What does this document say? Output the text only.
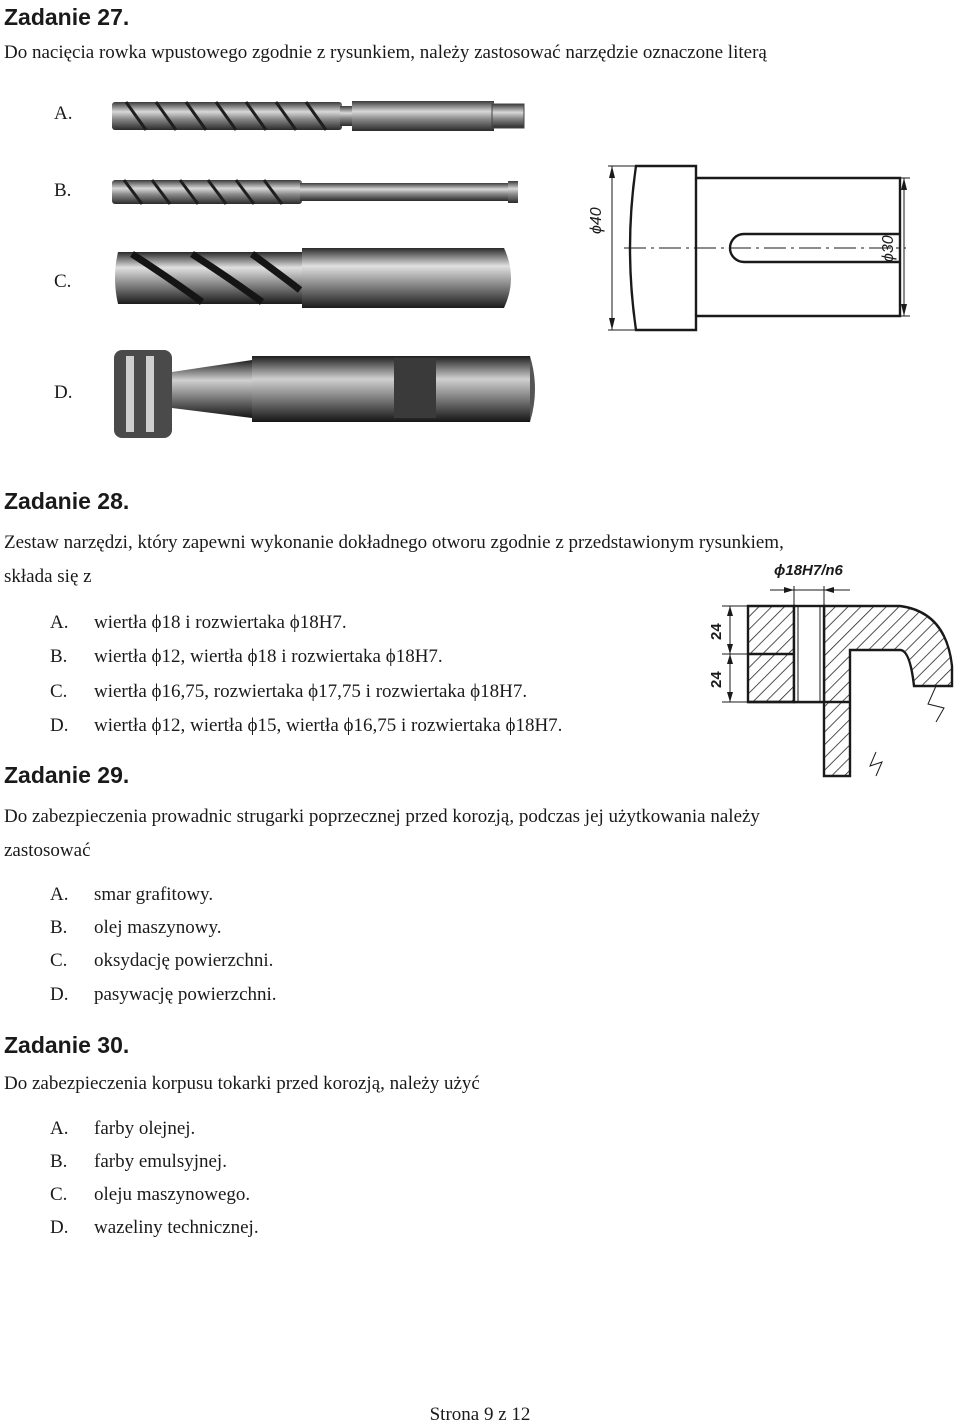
Zadanie 27.
Do nacięcia rowka wpustowego zgodnie z rysunkiem, należy zastosować narzędzie oznaczone literą
A.
B.
C.
D.
ϕ40
ϕ30
Zadanie 28.
Zestaw narzędzi, który zapewni wykonanie dokładnego otworu zgodnie z przedstawionym rysunkiem,
składa się z
A. wiertła ϕ18 i rozwiertaka ϕ18H7.
B. wiertła ϕ12, wiertła ϕ18 i rozwiertaka ϕ18H7.
C. wiertła ϕ16,75, rozwiertaka ϕ17,75 i rozwiertaka ϕ18H7.
D. wiertła ϕ12, wiertła ϕ15, wiertła ϕ16,75 i rozwiertaka ϕ18H7.
ϕ18H7/n6
24
24
Zadanie 29.
Do zabezpieczenia prowadnic strugarki poprzecznej przed korozją, podczas jej użytkowania należy
zastosować
A. smar grafitowy.
B. olej maszynowy.
C. oksydację powierzchni.
D. pasywację powierzchni.
Zadanie 30.
Do zabezpieczenia korpusu tokarki przed korozją, należy użyć
A. farby olejnej.
B. farby emulsyjnej.
C. oleju maszynowego.
D. wazeliny technicznej.
Strona 9 z 12
